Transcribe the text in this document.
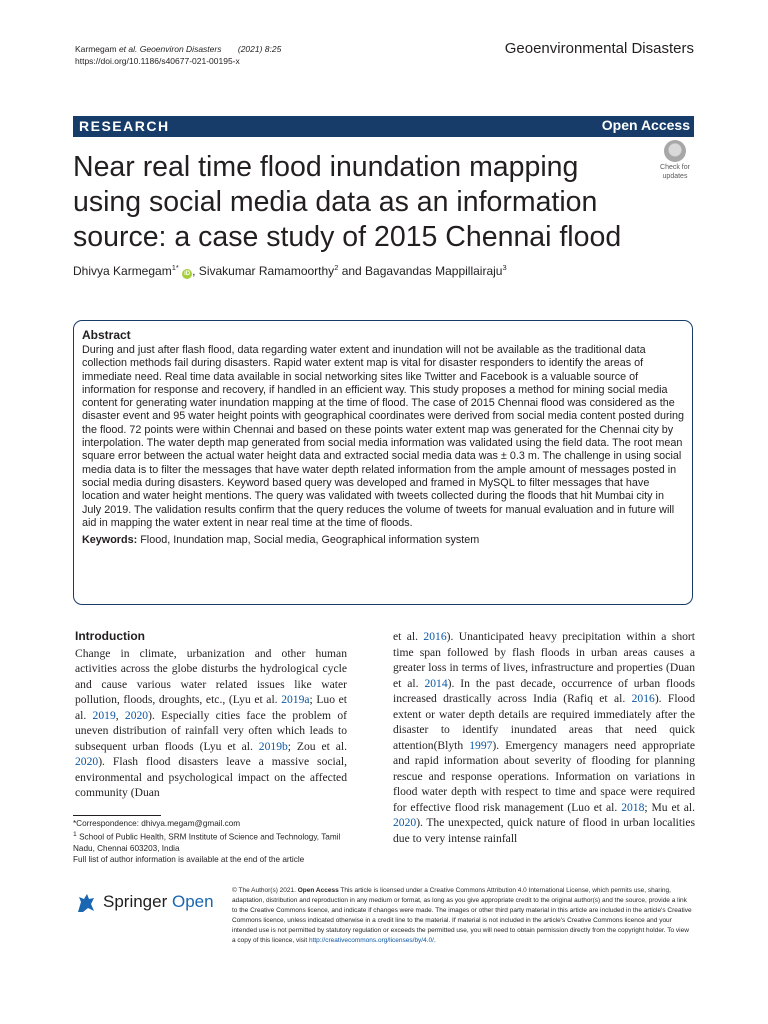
Karmegam et al. Geoenviron Disasters (2021) 8:25
https://doi.org/10.1186/s40677-021-00195-x
Geoenvironmental Disasters
RESEARCH	Open Access
Near real time flood inundation mapping using social media data as an information source: a case study of 2015 Chennai flood
Check for
updates
Dhivya Karmegam$^{1*}$ iD , Sivakumar Ramamoorthy$^2$ and Bagavandas Mappillairaju$^3$
Abstract
During and just after flash flood, data regarding water extent and inundation will not be available as the traditional data collection methods fail during disasters. Rapid water extent map is vital for disaster responders to identify the areas of immediate need. Real time data available in social networking sites like Twitter and Facebook is a valuable source of information for response and recovery, if handled in an efficient way. This study proposes a method for mining social media content for generating water inundation mapping at the time of flood. The case of 2015 Chennai flood was considered as the disaster event and 95 water height points with geographical coordinates were derived from social media content posted during the flood. 72 points were within Chennai and based on these points water extent map was generated for the Chennai city by interpolation. The water depth map generated from social media information was validated using the field data. The root mean square error between the actual water height data and extracted social media data was ± 0.3 m. The challenge in using social media data is to filter the messages that have water depth related information from the ample amount of messages posted in social media during disasters. Keyword based query was developed and framed in MySQL to filter messages that have location and water height mentions. The query was validated with tweets collected during the floods that hit Mumbai city in July 2019. The validation results confirm that the query reduces the volume of tweets for manual evaluation and in future will aid in mapping the water extent in near real time at the time of floods.
Keywords: Flood, Inundation map, Social media, Geographical information system
Introduction
Change in climate, urbanization and other human activities across the globe disturbs the hydrological cycle and cause various water related issues like water pollution, floods, droughts, etc., (Lyu et al. 2019a; Luo et al. 2019, 2020). Especially cities face the problem of uneven distribution of rainfall very often which leads to subsequent urban floods (Lyu et al. 2019b; Zou et al. 2020). Flash flood disasters leave a massive social, environmental and psychological impact on the affected community (Duan
et al. 2016). Unanticipated heavy precipitation within a short time span followed by flash floods in urban areas causes a greater loss in terms of lives, infrastructure and properties (Duan et al. 2014). In the past decade, occurrence of urban floods increased drastically across India (Rafiq et al. 2016). Flood extent or water depth details are required immediately after the disaster to identify inundated areas that need quick attention(Blyth 1997). Emergency managers need appropriate and rapid information about severity of flooding for planning rescue and response operations. Information on variations in flood water depth with respect to time and space were required for effective flood risk management (Luo et al. 2018; Mu et al. 2020). The unexpected, quick nature of flood in urban localities due to very intense rainfall
*Correspondence: dhivya.megam@gmail.com
$^1$ School of Public Health, SRM Institute of Science and Technology, Tamil Nadu, Chennai 603203, India
Full list of author information is available at the end of the article
Springer Open
© The Author(s) 2021. Open Access This article is licensed under a Creative Commons Attribution 4.0 International License, which permits use, sharing, adaptation, distribution and reproduction in any medium or format, as long as you give appropriate credit to the original author(s) and the source, provide a link to the Creative Commons licence, and indicate if changes were made. The images or other third party material in this article are included in the article's Creative Commons licence, unless indicated otherwise in a credit line to the material. If material is not included in the article's Creative Commons licence and your intended use is not permitted by statutory regulation or exceeds the permitted use, you will need to obtain permission directly from the copyright holder. To view a copy of this licence, visit http://creativecommons.org/licenses/by/4.0/.
